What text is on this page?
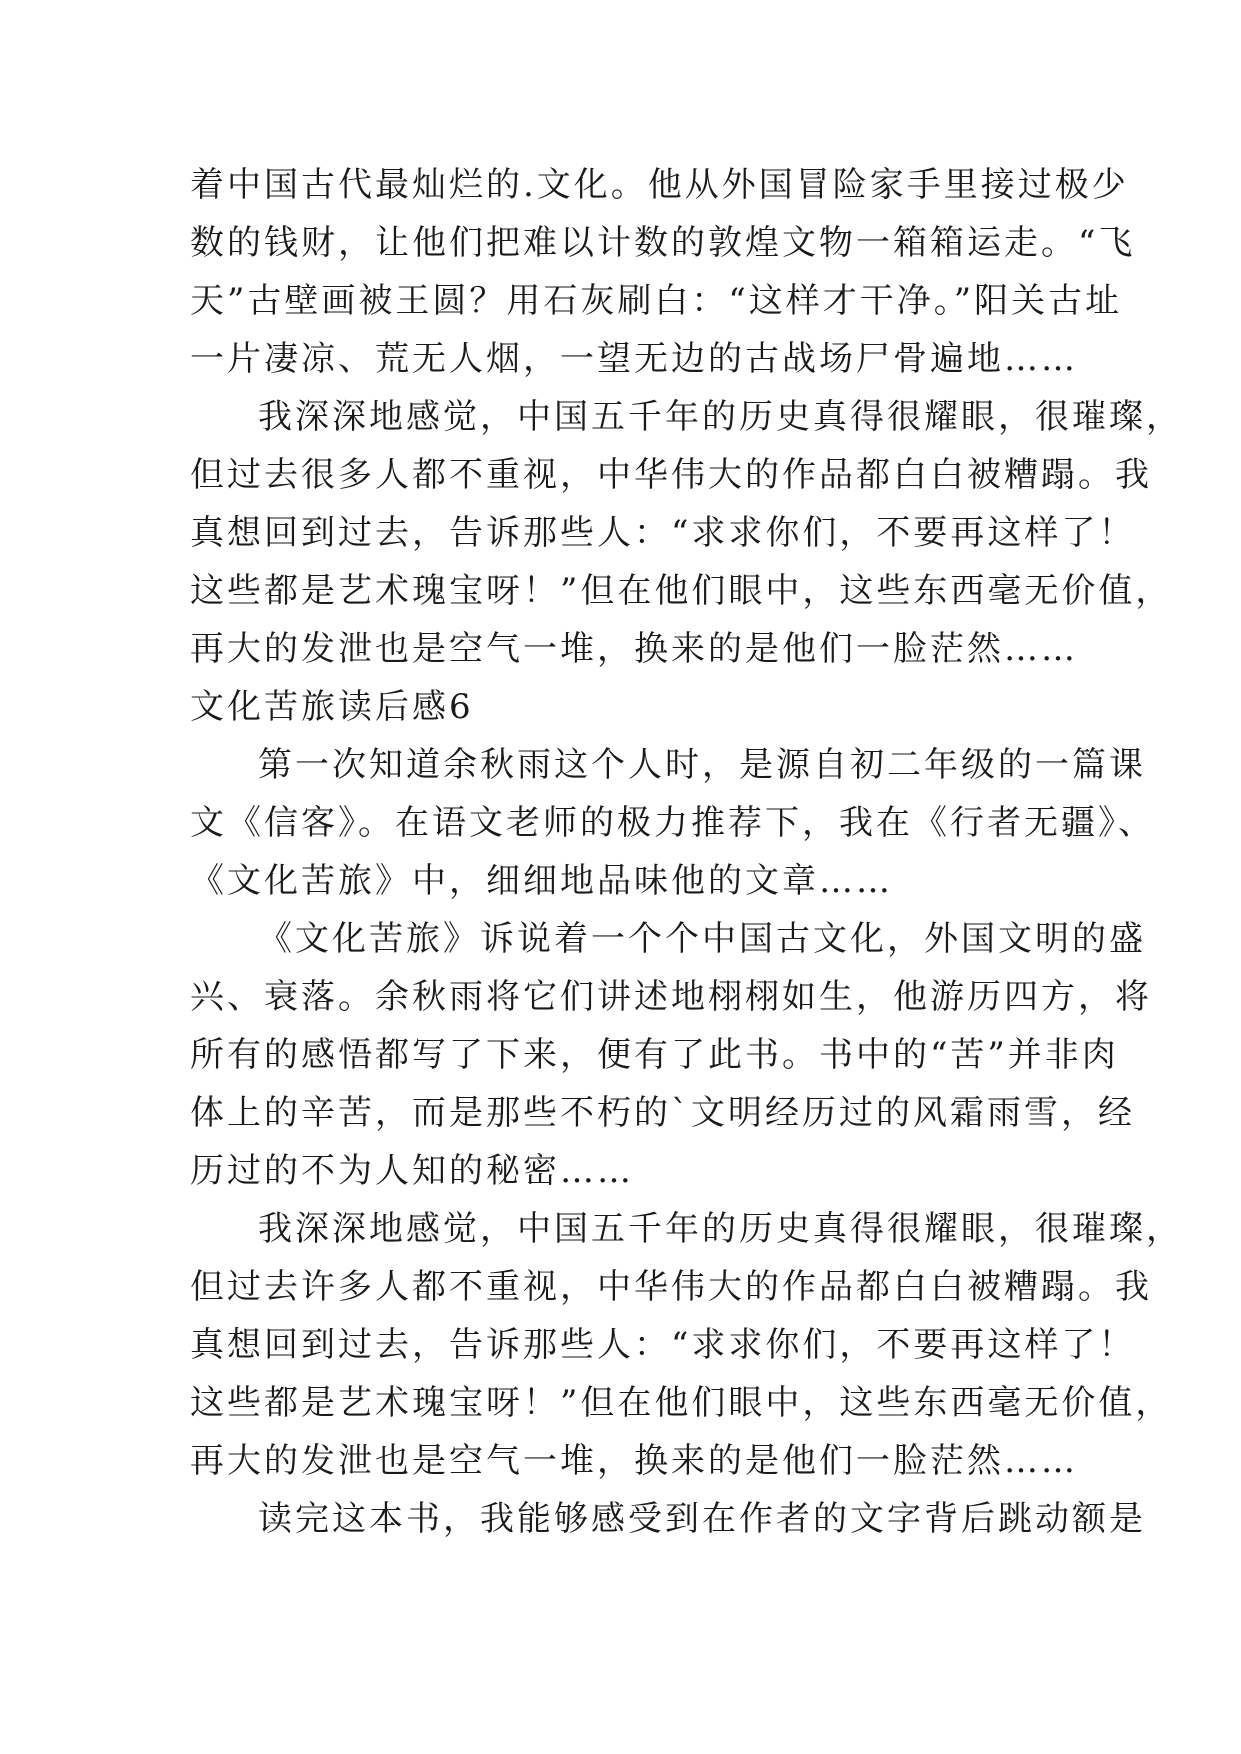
着中国古代最灿烂的.文化。他从外国冒险家手里接过极少
数的钱财，让他们把难以计数的敦煌文物一箱箱运走。“飞
天”古壁画被王圆？用石灰刷白：“这样才干净。”阳关古址
一片凄凉、荒无人烟，一望无边的古战场尸骨遍地……
我深深地感觉，中国五千年的历史真得很耀眼，很璀璨，
但过去很多人都不重视，中华伟大的作品都白白被糟蹋。我
真想回到过去，告诉那些人：“求求你们，不要再这样了！
这些都是艺术瑰宝呀！”但在他们眼中，这些东西毫无价值，
再大的发泄也是空气一堆，换来的是他们一脸茫然……
文化苦旅读后感6
第一次知道余秋雨这个人时，是源自初二年级的一篇课
文《信客》。在语文老师的极力推荐下，我在《行者无疆》、
《文化苦旅》中，细细地品味他的文章……
《文化苦旅》诉说着一个个中国古文化，外国文明的盛
兴、衰落。余秋雨将它们讲述地栩栩如生，他游历四方，将
所有的感悟都写了下来，便有了此书。书中的“苦”并非肉
体上的辛苦，而是那些不朽的`文明经历过的风霜雨雪，经
历过的不为人知的秘密……
我深深地感觉，中国五千年的历史真得很耀眼，很璀璨，
但过去许多人都不重视，中华伟大的作品都白白被糟蹋。我
真想回到过去，告诉那些人：“求求你们，不要再这样了！
这些都是艺术瑰宝呀！”但在他们眼中，这些东西毫无价值，
再大的发泄也是空气一堆，换来的是他们一脸茫然……
读完这本书，我能够感受到在作者的文字背后跳动额是
